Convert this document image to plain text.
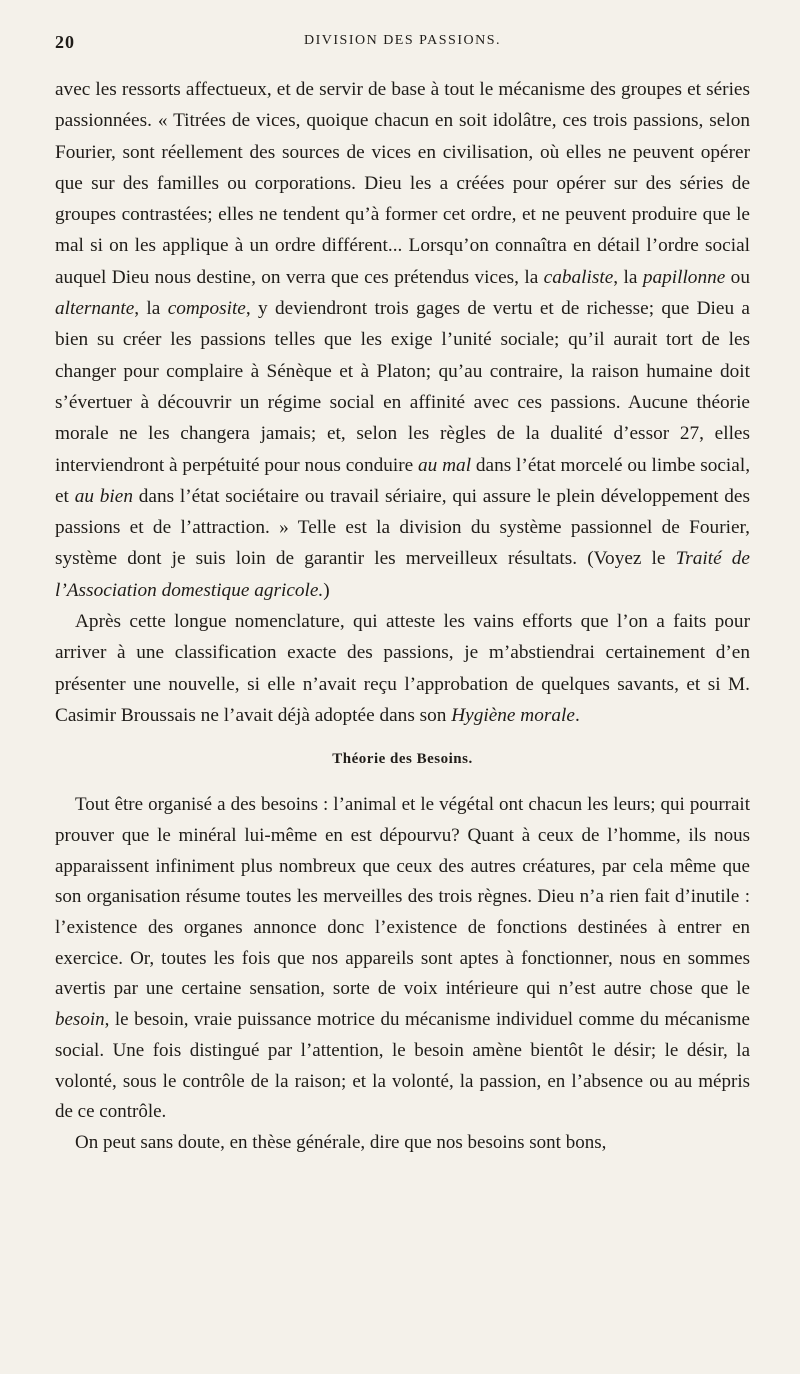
20	DIVISION DES PASSIONS.

avec les ressorts affectueux, et de servir de base à tout le mécanisme des groupes et séries passionnées. « Titrées de vices, quoique chacun en soit idolâtre, ces trois passions, selon Fourier, sont réellement des sources de vices en civilisation, où elles ne peuvent opérer que sur des familles ou corporations. Dieu les a créées pour opérer sur des séries de groupes contrastées; elles ne tendent qu’à former cet ordre, et ne peuvent produire que le mal si on les applique à un ordre différent... Lorsqu’on connaîtra en détail l’ordre social auquel Dieu nous destine, on verra que ces prétendus vices, la cabaliste, la papillonne ou alternante, la composite, y deviendront trois gages de vertu et de richesse; que Dieu a bien su créer les passions telles que les exige l’unité sociale; qu’il aurait tort de les changer pour complaire à Sénèque et à Platon; qu’au contraire, la raison humaine doit s’évertuer à découvrir un régime social en affinité avec ces passions. Aucune théorie morale ne les changera jamais; et, selon les règles de la dualité d’essor 27, elles interviendront à perpétuité pour nous conduire au mal dans l’état morcelé ou limbe social, et au bien dans l’état sociétaire ou travail sériaire, qui assure le plein développement des passions et de l’attraction. » Telle est la division du système passionnel de Fourier, système dont je suis loin de garantir les merveilleux résultats. (Voyez le Traité de l’Association domestique agricole.)

Après cette longue nomenclature, qui atteste les vains efforts que l’on a faits pour arriver à une classification exacte des passions, je m’abstiendrai certainement d’en présenter une nouvelle, si elle n’avait reçu l’approbation de quelques savants, et si M. Casimir Broussais ne l’avait déjà adoptée dans son Hygiène morale.

Théorie des Besoins.

Tout être organisé a des besoins : l’animal et le végétal ont chacun les leurs; qui pourrait prouver que le minéral lui-même en est dépourvu? Quant à ceux de l’homme, ils nous apparaissent infiniment plus nombreux que ceux des autres créatures, par cela même que son organisation résume toutes les merveilles des trois règnes. Dieu n’a rien fait d’inutile : l’existence des organes annonce donc l’existence de fonctions destinées à entrer en exercice. Or, toutes les fois que nos appareils sont aptes à fonctionner, nous en sommes avertis par une certaine sensation, sorte de voix intérieure qui n’est autre chose que le besoin, le besoin, vraie puissance motrice du mécanisme individuel comme du mécanisme social. Une fois distingué par l’attention, le besoin amène bientôt le désir; le désir, la volonté, sous le contrôle de la raison; et la volonté, la passion, en l’absence ou au mépris de ce contrôle.

On peut sans doute, en thèse générale, dire que nos besoins sont bons,
